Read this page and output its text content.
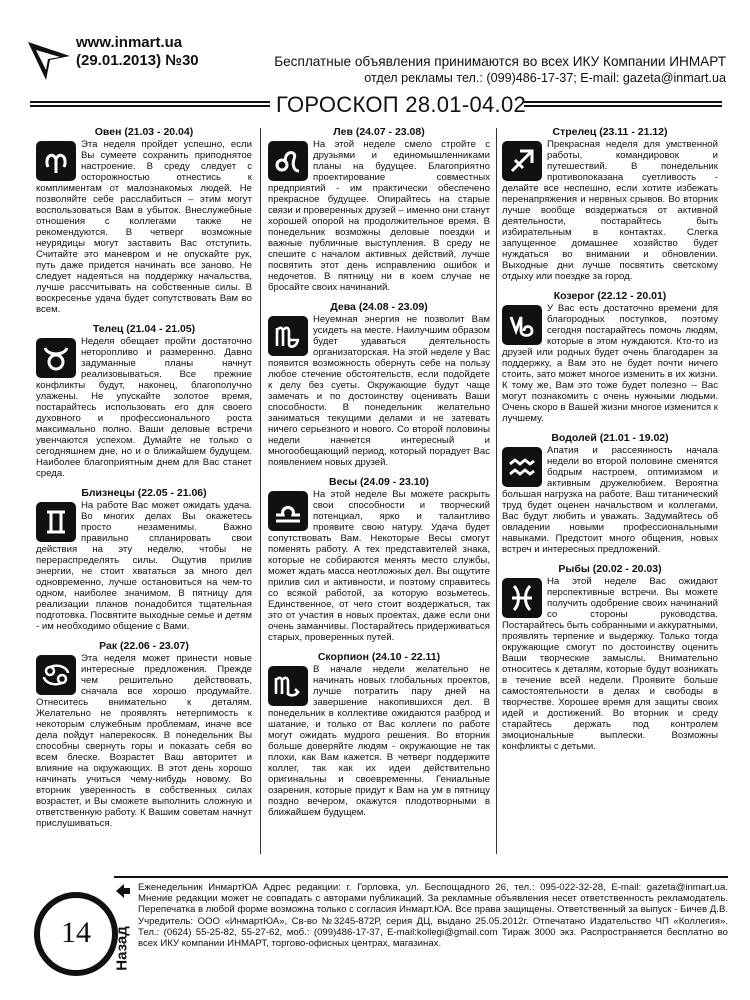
www.inmart.ua
(29.01.2013) №30	Бесплатные объявления принимаются во всех ИКУ Компании ИНМАРТ
отдел рекламы тел.: (099)486-17-37; E-mail: gazeta@inmart.ua
ГОРОСКОП 28.01-04.02
Овен (21.03 - 20.04)
Эта неделя пройдет успешно, если Вы сумеете сохранить приподнятое настроение. В среду следует с осторожностью отнестись к комплиментам от малознакомых людей. Не позволяйте себе расслабиться – этим могут воспользоваться Вам в убыток. Внеслужебные отношения с коллегами также не рекомендуются. В четверг возможные неурядицы могут заставить Вас отступить. Считайте это маневром и не опускайте рук, путь даже придется начинать все заново. Не следует надеяться на поддержку начальства, лучше рассчитывать на собственные силы. В воскресенье удача будет сопутствовать Вам во всем.
Телец (21.04 - 21.05)
Неделя обещает пройти достаточно неторопливо и размеренно. Давно задуманные планы начнут реализовываться. Все прежние конфликты будут, наконец, благополучно улажены. Не упускайте золотое время, постарайтесь использовать его для своего духовного и профессионального роста максимально полно. Ваши деловые встречи увенчаются успехом. Думайте не только о сегодняшнем дне, но и о ближайшем будущем. Наиболее благоприятным днем для Вас станет среда.
Близнецы (22.05 - 21.06)
На работе Вас может ожидать удача. Во многих делах Вы окажетесь просто незаменимы. Важно правильно спланировать свои действия на эту неделю, чтобы не перераспределять силы. Ощутив прилив энергии, не стоит хвататься за много дел одновременно, лучше остановиться на чем-то одном, наиболее значимом. В пятницу для реализации планов понадобится тщательная подготовка. Посвятите выходные семье и детям - им необходимо общение с Вами.
Рак (22.06 - 23.07)
Эта неделя может принести новые интересные предложения. Прежде чем решительно действовать, сначала все хорошо продумайте. Отнеситесь внимательно к деталям. Желательно не проявлять нетерпимость к некоторым служебным проблемам, иначе все дела пойдут наперекосяк. В понедельник Вы способны свернуть горы и показать себя во всем блеске. Возрастет Ваш авторитет и влияние на окружающих. В этот день хорошо начинать учиться чему-нибудь новому. Во вторник уверенность в собственных силах возрастет, и Вы сможете выполнить сложную и ответственную работу. К Вашим советам начнут прислушиваться.
Лев (24.07 - 23.08)
На этой неделе смело стройте с друзьями и единомышленниками планы на будущее. Благоприятно проектирование совместных предприятий - им практически обеспечено прекрасное будущее. Опирайтесь на старые связи и проверенных друзей – именно они станут хорошей опорой на продолжительное время. В понедельник возможны деловые поездки и важные публичные выступления. В среду не спешите с началом активных действий, лучше посвятить этот день исправлению ошибок и недочетов. В пятницу ни в коем случае не бросайте своих начинаний.
Дева (24.08 - 23.09)
Неуемная энергия не позволит Вам усидеть на месте. Наилучшим образом будет удаваться деятельность организаторская. На этой неделе у Вас появится возможность обернуть себе на пользу любое стечение обстоятельств, если подойдете к делу без суеты. Окружающие будут чаще замечать и по достоинству оценивать Ваши способности. В понедельник желательно заниматься текущими делами и не затевать ничего серьезного и нового. Со второй половины недели начнется интересный и многообещающий период, который порадует Вас появлением новых друзей.
Весы (24.09 - 23.10)
На этой неделе Вы можете раскрыть свои способности и творческий потенциал, ярко и талантливо проявите свою натуру. Удача будет сопутствовать Вам. Некоторые Весы смогут поменять работу. А тех представителей знака, которые не собираются менять место службы, может ждать масса неотложных дел. Вы ощутите прилив сил и активности, и поэтому справитесь со всякой работой, за которую возьметесь. Единственное, от чего стоит воздержаться, так это от участия в новых проектах, даже если они очень заманчивы. Постарайтесь придерживаться старых, проверенных путей.
Скорпион (24.10 - 22.11)
В начале недели желательно не начинать новых глобальных проектов, лучше потратить пару дней на завершение накопившихся дел. В понедельник в коллективе ожидаются разброд и шатание, и только от Вас коллеги по работе могут ожидать мудрого решения. Во вторник больше доверяйте людям - окружающие не так плохи, как Вам кажется. В четверг поддержите коллег, так как их идеи действительно оригинальны и своевременны. Гениальные озарения, которые придут к Вам на ум в пятницу поздно вечером, окажутся плодотворными в ближайшем будущем.
Стрелец (23.11 - 21.12)
Прекрасная неделя для умственной работы, командировок и путешествий. В понедельник противопоказана суетливость - делайте все неспешно, если хотите избежать перенапряжения и нервных срывов. Во вторник лучше вообще воздержаться от активной деятельности, постарайтесь быть избирательным в контактах. Слегка запущенное домашнее хозяйство будет нуждаться во внимании и обновлении. Выходные дни лучше посвятить светскому отдыху или поездке за город.
Козерог (22.12 - 20.01)
У Вас есть достаточно времени для благородных поступков, поэтому сегодня постарайтесь помочь людям, которые в этом нуждаются. Кто-то из друзей или родных будет очень благодарен за поддержку, а Вам это не будет почти ничего стоить, зато может многое изменить в их жизни. К тому же, Вам это тоже будет полезно -- Вас могут познакомить с очень нужными людьми. Очень скоро в Вашей жизни многое изменится к лучшему.
Водолей (21.01 - 19.02)
Апатия и рассеянность начала недели во второй половине сменятся бодрым настроем, оптимизмом и активным дружелюбием. Вероятна большая нагрузка на работе. Ваш титанический труд будет оценен начальством и коллегами, Вас будут любить и уважать. Задумайтесь об овладении новыми профессиональными навыками. Предстоит много общения, новых встреч и интересных предложений.
Рыбы (20.02 - 20.03)
На этой неделе Вас ожидают перспективные встречи. Вы можете получить одобрение своих начинаний со стороны руководства. Постарайтесь быть собранными и аккуратными, проявлять терпение и выдержку. Только тогда окружающие смогут по достоинству оценить Ваши творческие замыслы. Внимательно относитесь к деталям, которые будут возникать в течение всей недели. Проявите больше самостоятельности в делах и свободы в творчестве. Хорошее время для защиты своих идей и достижений. Во вторник и среду старайтесь держать под контролем эмоциональные выплески. Возможны конфликты с детьми.
14	Назад
Еженедельник ИнмартЮА Адрес редакции: г. Горловка, ул. Беспощадного 26, тел.: 095-022-32-28, E-mail: gazeta@inmart.ua. Мнение редакции может не совпадать с авторами публикаций. За рекламные объявления несет ответственность рекламодатель. Перепечатка в любой форме возможна только с согласия Инмарт.ЮА. Все права защищены. Ответственный за выпуск - Бичев Д.В. Учредитель: ООО «ИнмартЮА», Св-во №3245-872Р, серия ДЦ, выдано 25.05.2012г. Отпечатано Издательство ЧП «Коллегия». Тел.: (0624) 55-25-82, 55-27-62, моб.: (099)486-17-37, E-mail:kollegi@gmail.com Тираж 3000 экз. Распространяется бесплатно во всех ИКУ компании ИНМАРТ, торгово-офисных центрах, магазинах.
